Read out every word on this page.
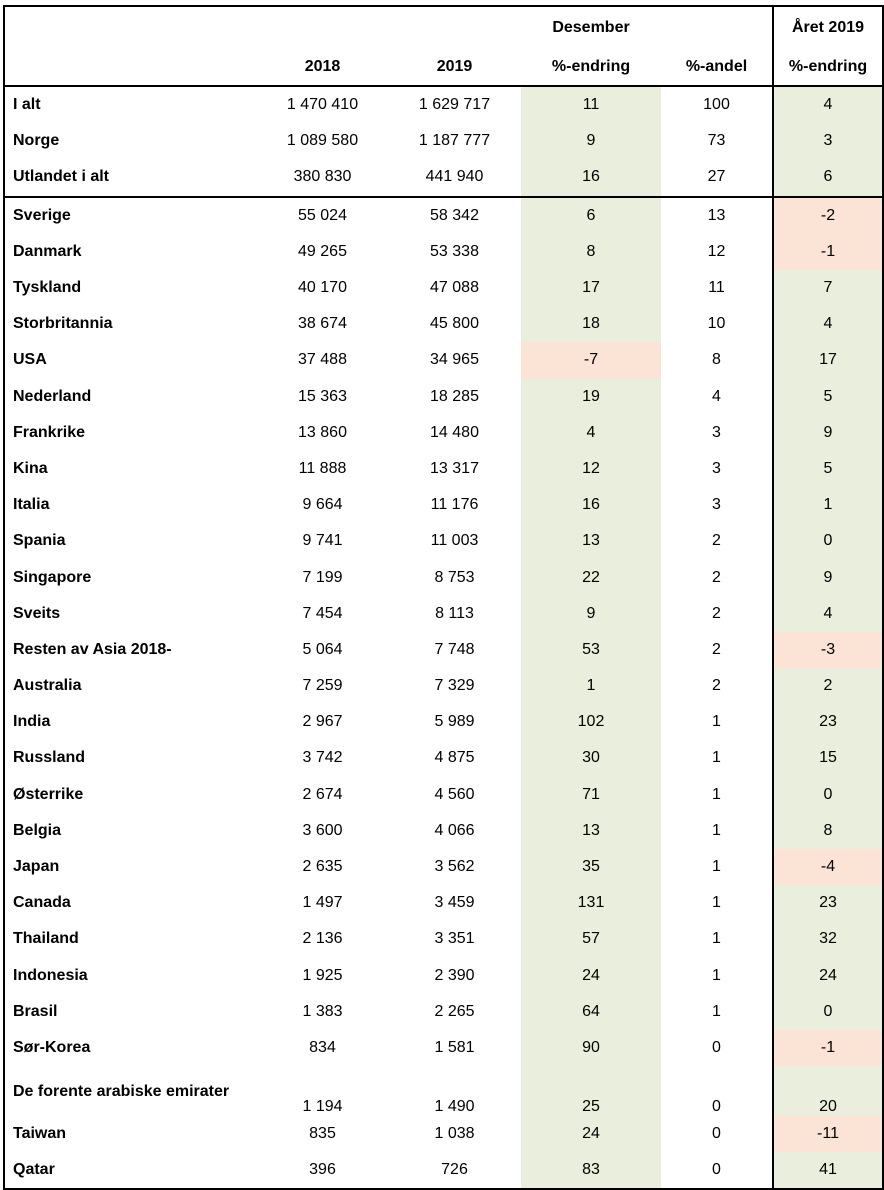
			Desember		Året 2019
	2018	2019	%-endring	%-andel	%-endring
I alt	1 470 410	1 629 717	11	100	4
Norge	1 089 580	1 187 777	9	73	3
Utlandet i alt	380 830	441 940	16	27	6
Sverige	55 024	58 342	6	13	-2
Danmark	49 265	53 338	8	12	-1
Tyskland	40 170	47 088	17	11	7
Storbritannia	38 674	45 800	18	10	4
USA	37 488	34 965	-7	8	17
Nederland	15 363	18 285	19	4	5
Frankrike	13 860	14 480	4	3	9
Kina	11 888	13 317	12	3	5
Italia	9 664	11 176	16	3	1
Spania	9 741	11 003	13	2	0
Singapore	7 199	8 753	22	2	9
Sveits	7 454	8 113	9	2	4
Resten av Asia 2018-	5 064	7 748	53	2	-3
Australia	7 259	7 329	1	2	2
India	2 967	5 989	102	1	23
Russland	3 742	4 875	30	1	15
Østerrike	2 674	4 560	71	1	0
Belgia	3 600	4 066	13	1	8
Japan	2 635	3 562	35	1	-4
Canada	1 497	3 459	131	1	23
Thailand	2 136	3 351	57	1	32
Indonesia	1 925	2 390	24	1	24
Brasil	1 383	2 265	64	1	0
Sør-Korea	834	1 581	90	0	-1
De forente arabiske emirater	1 194	1 490	25	0	20
Taiwan	835	1 038	24	0	-11
Qatar	396	726	83	0	41
